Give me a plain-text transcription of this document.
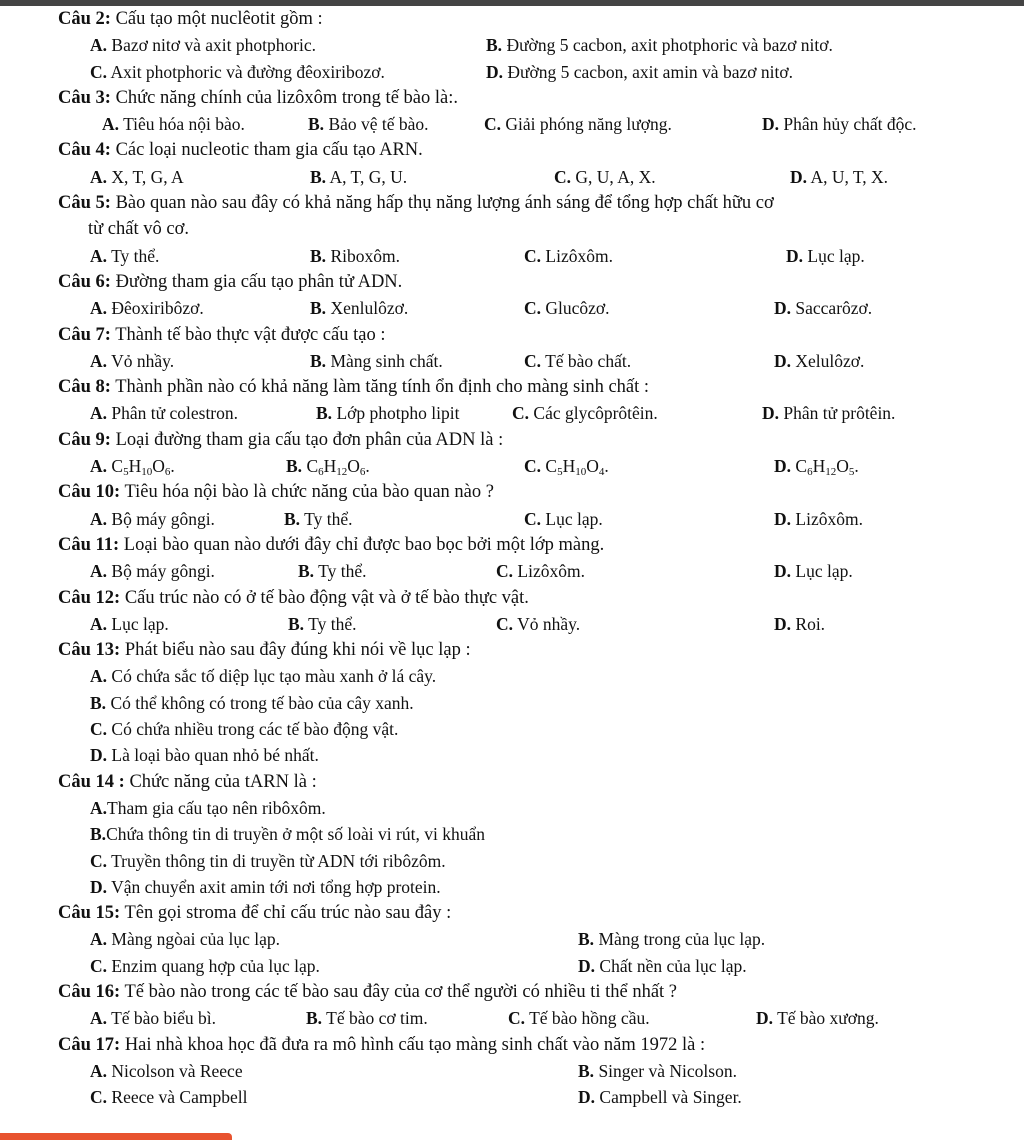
Câu 2: Cấu tạo một nuclêotit gồm :
A. Bazơ nitơ và axit photphoric.	B. Đường 5 cacbon, axit photphoric và bazơ nitơ.
C. Axit photphoric và đường đêoxiribozơ.	D. Đường 5 cacbon, axit amin và bazơ nitơ.
Câu 3: Chức năng chính của lizôxôm trong tế bào là:.
A. Tiêu hóa nội bào.	B. Bảo vệ tế bào.	C. Giải phóng năng lượng.	D. Phân hủy chất độc.
Câu 4: Các loại nucleotic tham gia cấu tạo ARN.
A. X, T, G, A	B. A, T, G, U.	C. G, U, A, X.	D. A, U, T, X.
Câu 5: Bào quan nào sau đây có khả năng hấp thụ năng lượng ánh sáng để tổng hợp chất hữu cơ
từ chất vô cơ.
A. Ty thể.	B. Riboxôm.	C. Lizôxôm.	D. Lục lạp.
Câu 6: Đường tham gia cấu tạo phân tử ADN.
A. Đêoxiribôzơ.	B. Xenlulôzơ.	C. Glucôzơ.	D. Saccarôzơ.
Câu 7: Thành tế bào thực vật được cấu tạo :
A. Vỏ nhầy.	B. Màng sinh chất.	C. Tế bào chất.	D. Xelulôzơ.
Câu 8: Thành phần nào có khả năng làm tăng tính ổn định cho màng sinh chất :
A. Phân tử colestron.	B. Lớp photpho lipit	C. Các glycôprôtêin.	D. Phân tử prôtêin.
Câu 9: Loại đường tham gia cấu tạo đơn phân của ADN là :
A. $C_5H_{10}O_6$.	B. $C_6H_{12}O_6$.	C. $C_5H_{10}O_4$.	D. $C_6H_{12}O_5$.
Câu 10: Tiêu hóa nội bào là chức năng của bào quan nào ?
A. Bộ máy gôngi.	B. Ty thể.	C. Lục lạp.	D. Lizôxôm.
Câu 11: Loại bào quan nào dưới đây chỉ được bao bọc bởi một lớp màng.
A. Bộ máy gôngi.	B. Ty thể.	C. Lizôxôm.	D. Lục lạp.
Câu 12: Cấu trúc nào có ở tế bào động vật và ở tế bào thực vật.
A. Lục lạp.	B. Ty thể.	C. Vỏ nhầy.	D. Roi.
Câu 13: Phát biểu nào sau đây đúng khi nói về lục lạp :
A. Có chứa sắc tố diệp lục tạo màu xanh ở lá cây.
B. Có thể không có trong tế bào của cây xanh.
C. Có chứa nhiều trong các tế bào động vật.
D. Là loại bào quan nhỏ bé nhất.
Câu 14 : Chức năng của tARN là :
A.Tham gia cấu tạo nên ribôxôm.
B.Chứa thông tin di truyền ở một số loài vi rút, vi khuẩn
C. Truyền thông tin di truyền từ ADN tới ribôzôm.
D. Vận chuyển axit amin tới nơi tổng hợp protein.
Câu 15: Tên gọi stroma để chỉ cấu trúc nào sau đây :
A. Màng ngòai của lục lạp.	B. Màng trong của lục lạp.
C. Enzim quang hợp của lục lạp.	D. Chất nền của lục lạp.
Câu 16: Tế bào nào trong các tế bào sau đây của cơ thể người có nhiều ti thể nhất ?
A. Tế bào biểu bì.	B. Tế bào cơ tim.	C. Tế bào hồng cầu.	D. Tế bào xương.
Câu 17: Hai nhà khoa học đã đưa ra mô hình cấu tạo màng sinh chất vào năm 1972 là :
A. Nicolson và Reece	B. Singer và Nicolson.
C. Reece và Campbell	D. Campbell và Singer.
